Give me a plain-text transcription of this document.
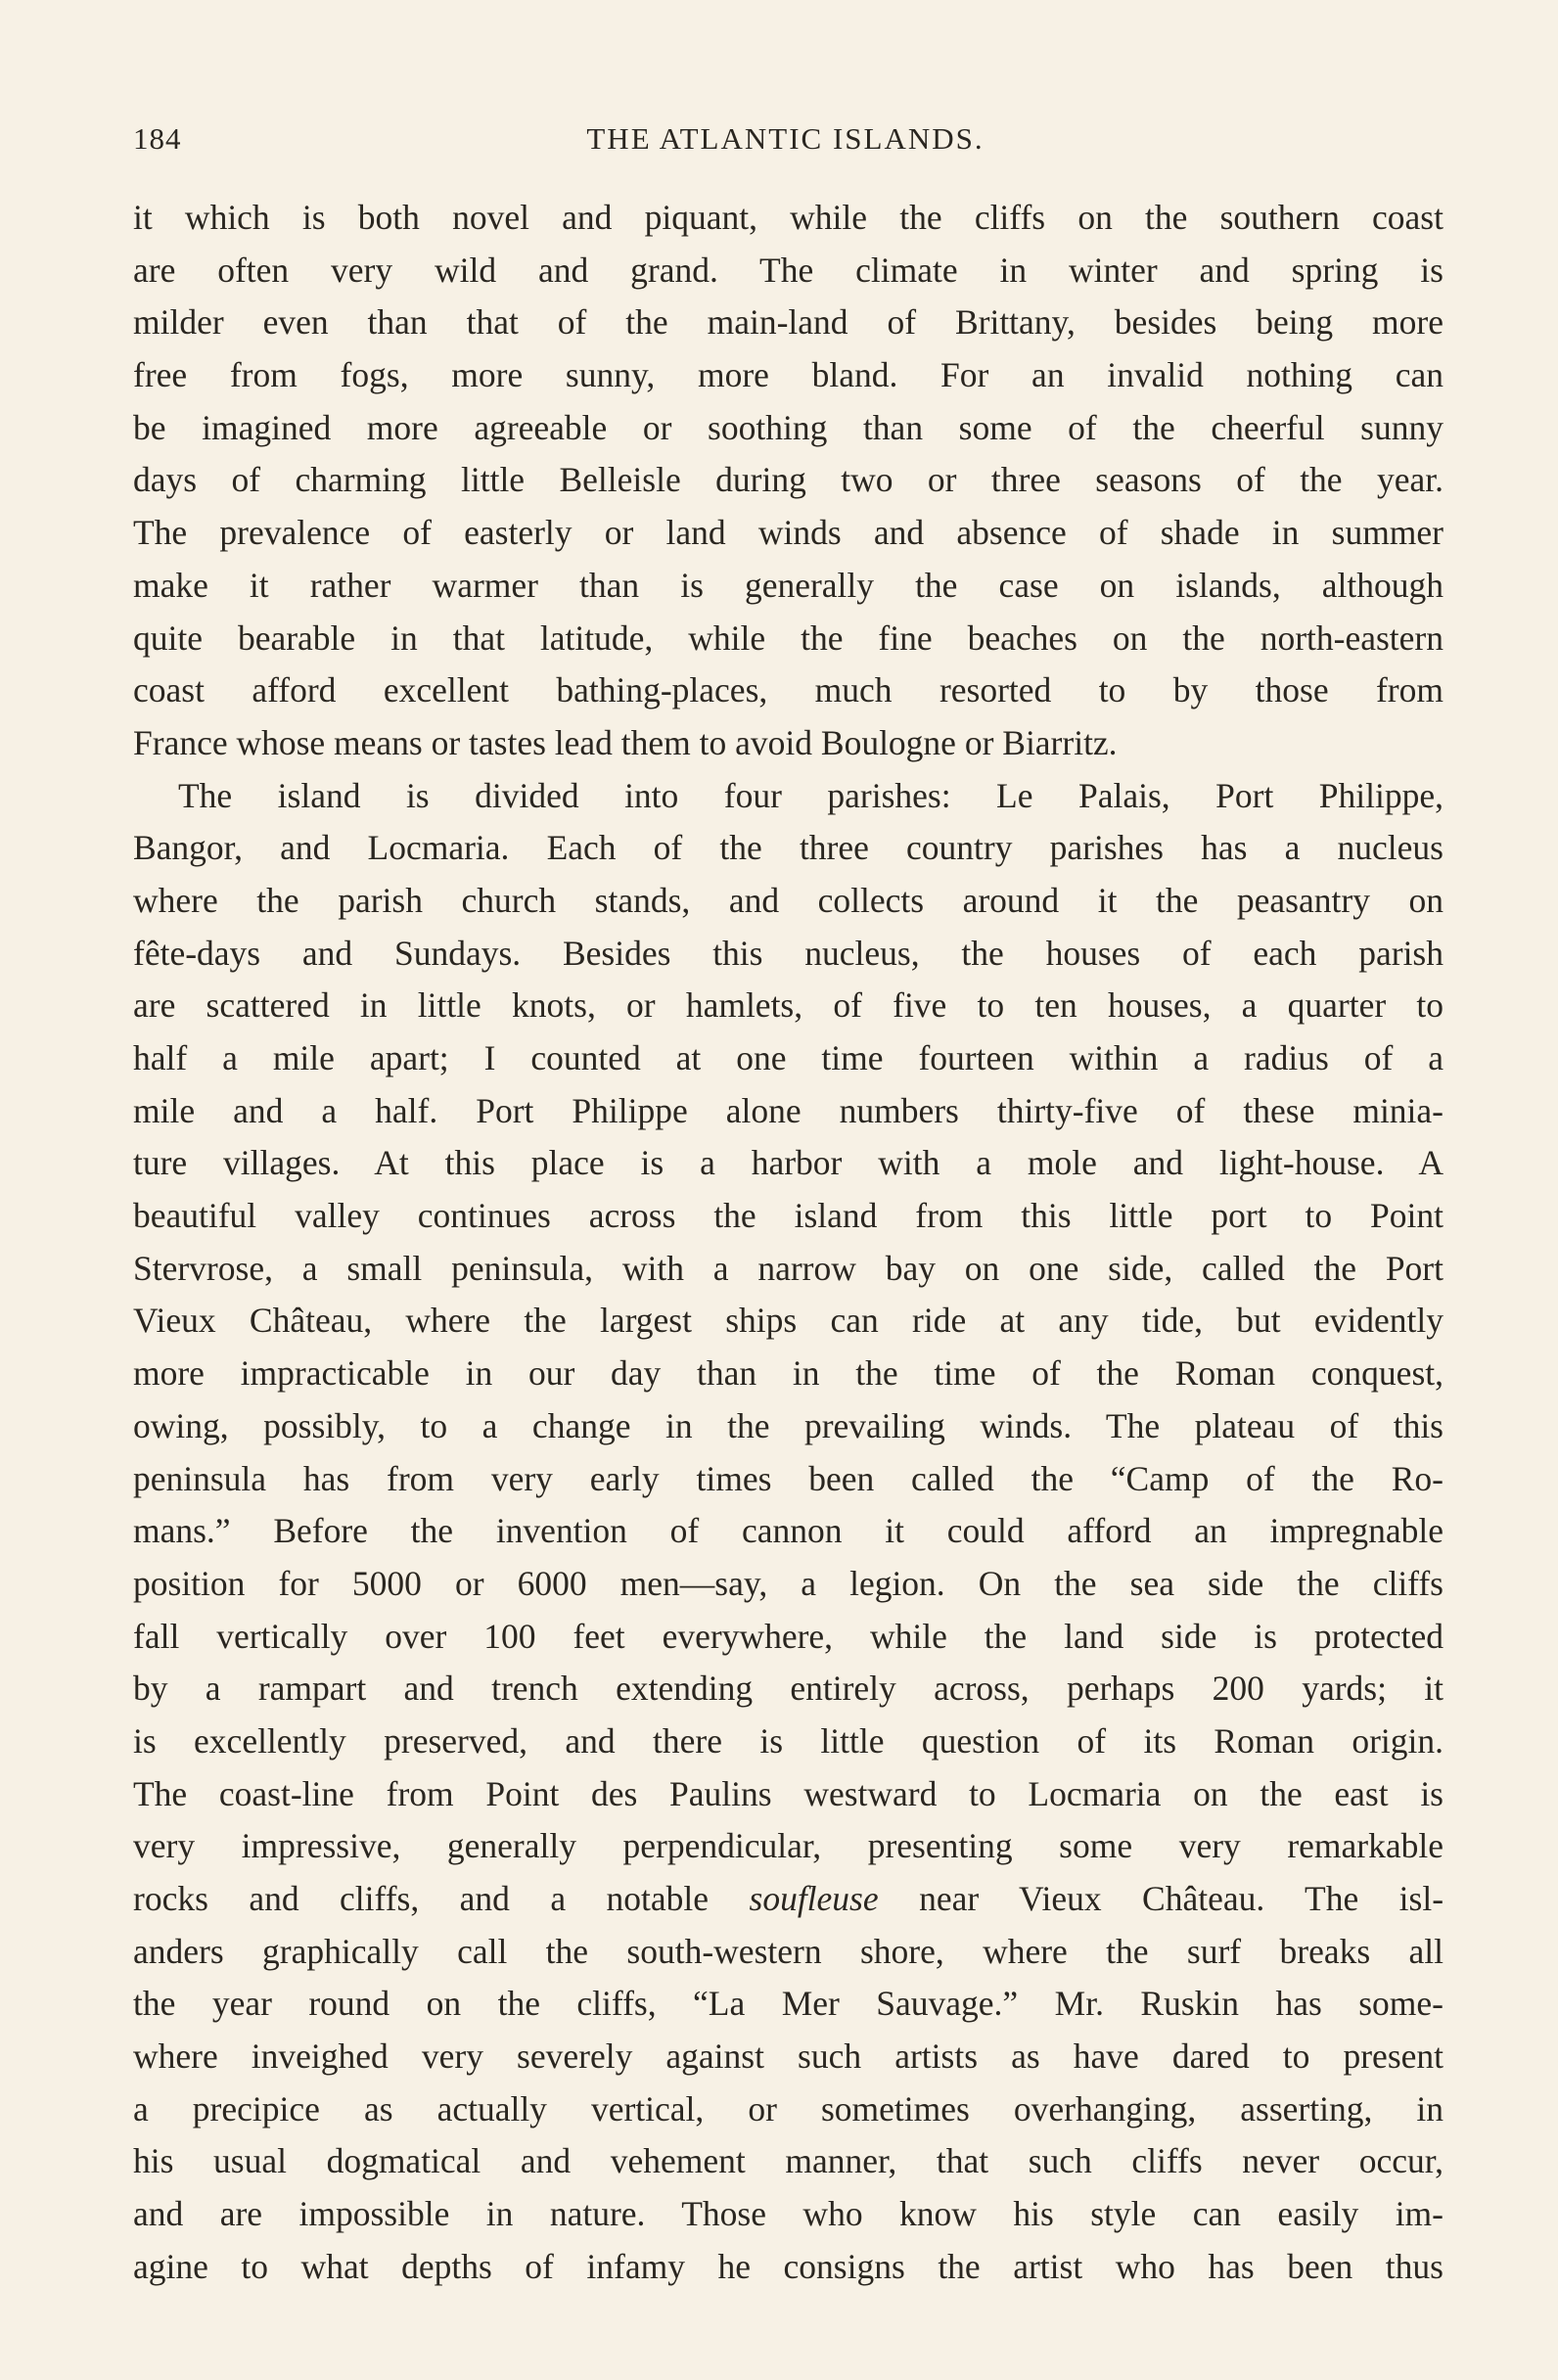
184	THE ATLANTIC ISLANDS.
it which is both novel and piquant, while the cliffs on the southern coast
are often very wild and grand. The climate in winter and spring is
milder even than that of the main-land of Brittany, besides being more
free from fogs, more sunny, more bland. For an invalid nothing can
be imagined more agreeable or soothing than some of the cheerful sunny
days of charming little Belleisle during two or three seasons of the year.
The prevalence of easterly or land winds and absence of shade in summer
make it rather warmer than is generally the case on islands, although
quite bearable in that latitude, while the fine beaches on the north-eastern
coast afford excellent bathing-places, much resorted to by those from
France whose means or tastes lead them to avoid Boulogne or Biarritz.
The island is divided into four parishes: Le Palais, Port Philippe,
Bangor, and Locmaria. Each of the three country parishes has a nucleus
where the parish church stands, and collects around it the peasantry on
fête-days and Sundays. Besides this nucleus, the houses of each parish
are scattered in little knots, or hamlets, of five to ten houses, a quarter to
half a mile apart; I counted at one time fourteen within a radius of a
mile and a half. Port Philippe alone numbers thirty-five of these minia-
ture villages. At this place is a harbor with a mole and light-house. A
beautiful valley continues across the island from this little port to Point
Stervrose, a small peninsula, with a narrow bay on one side, called the Port
Vieux Château, where the largest ships can ride at any tide, but evidently
more impracticable in our day than in the time of the Roman conquest,
owing, possibly, to a change in the prevailing winds. The plateau of this
peninsula has from very early times been called the “Camp of the Ro-
mans.” Before the invention of cannon it could afford an impregnable
position for 5000 or 6000 men—say, a legion. On the sea side the cliffs
fall vertically over 100 feet everywhere, while the land side is protected
by a rampart and trench extending entirely across, perhaps 200 yards; it
is excellently preserved, and there is little question of its Roman origin.
The coast-line from Point des Paulins westward to Locmaria on the east is
very impressive, generally perpendicular, presenting some very remarkable
rocks and cliffs, and a notable soufleuse near Vieux Château. The isl-
anders graphically call the south-western shore, where the surf breaks all
the year round on the cliffs, “La Mer Sauvage.” Mr. Ruskin has some-
where inveighed very severely against such artists as have dared to present
a precipice as actually vertical, or sometimes overhanging, asserting, in
his usual dogmatical and vehement manner, that such cliffs never occur,
and are impossible in nature. Those who know his style can easily im-
agine to what depths of infamy he consigns the artist who has been thus
